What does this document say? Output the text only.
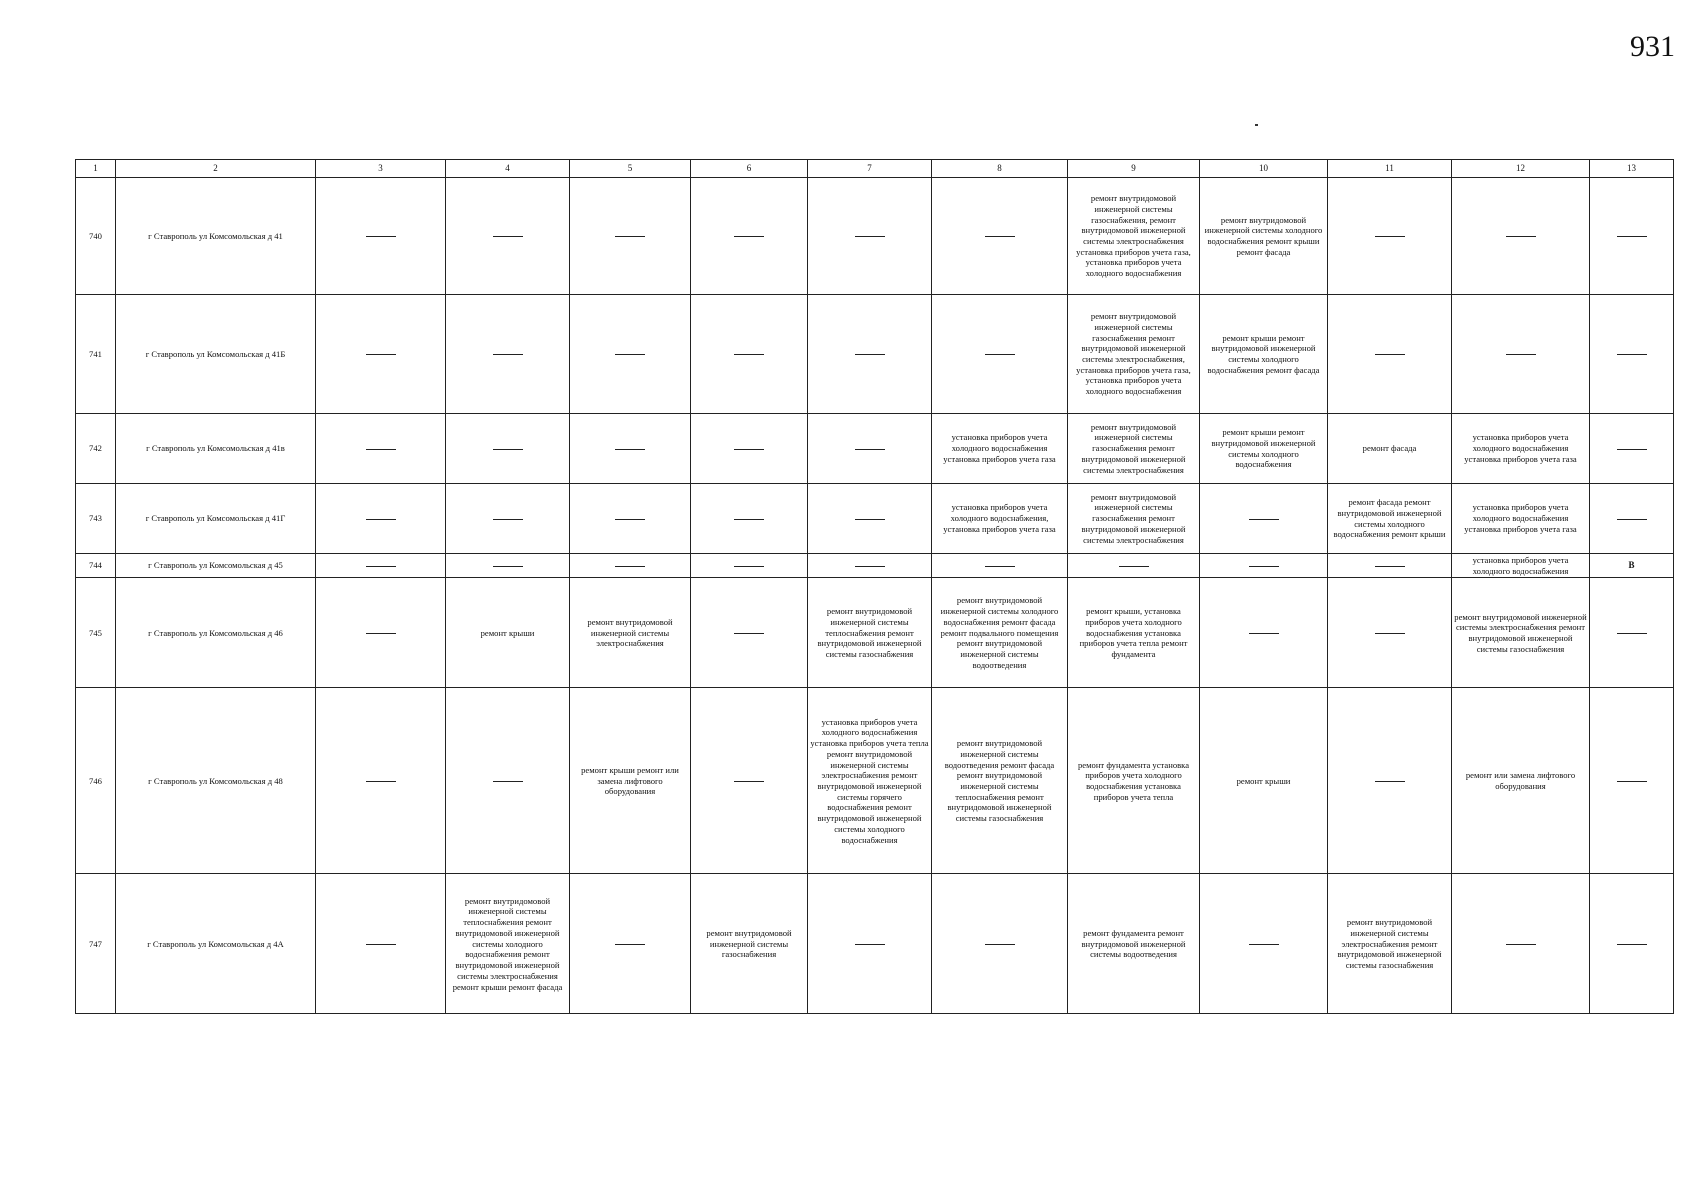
931
1	2	3	4	5	6	7	8	9	10	11	12	13
740	г Ставрополь ул Комсомольская д 41							ремонт внутридомовой инженерной системы газоснабжения, ремонт внутридомовой инженерной системы электроснабжения установка приборов учета газа, установка приборов учета холодного водоснабжения	ремонт внутридомовой инженерной системы холодного водоснабжения ремонт крыши ремонт фасада			

741	г Ставрополь ул Комсомольская д 41Б							ремонт внутридомовой инженерной системы газоснабжения ремонт внутридомовой инженерной системы электроснабжения, установка приборов учета газа, установка приборов учета холодного водоснабжения	ремонт крыши ремонт внутридомовой инженерной системы холодного водоснабжения ремонт фасада			

742	г Ставрополь ул Комсомольская д 41в						установка приборов учета холодного водоснабжения установка приборов учета газа	ремонт внутридомовой инженерной системы газоснабжения ремонт внутридомовой инженерной системы электроснабжения	ремонт крыши ремонт внутридомовой инженерной системы холодного водоснабжения	ремонт фасада	установка приборов учета холодного водоснабжения установка приборов учета газа	

743	г Ставрополь ул Комсомольская д 41Г						установка приборов учета холодного водоснабжения, установка приборов учета газа	ремонт внутридомовой инженерной системы газоснабжения ремонт внутридомовой инженерной системы электроснабжения		ремонт фасада ремонт внутридомовой инженерной системы холодного водоснабжения ремонт крыши	установка приборов учета холодного водоснабжения установка приборов учета газа	

744	г Ставрополь ул Комсомольская д 45										установка приборов учета холодного водоснабжения	В

745	г Ставрополь ул Комсомольская д 46		ремонт крыши	ремонт внутридомовой инженерной системы электроснабжения		ремонт внутридомовой инженерной системы теплоснабжения ремонт внутридомовой инженерной системы газоснабжения	ремонт внутридомовой инженерной системы холодного водоснабжения ремонт фасада ремонт подвального помещения ремонт внутридомовой инженерной системы водоотведения	ремонт крыши, установка приборов учета холодного водоснабжения установка приборов учета тепла ремонт фундамента			ремонт внутридомовой инженерной системы электроснабжения ремонт внутридомовой инженерной системы газоснабжения	

746	г Ставрополь ул Комсомольская д 48			ремонт крыши ремонт или замена лифтового оборудования		установка приборов учета холодного водоснабжения установка приборов учета тепла ремонт внутридомовой инженерной системы электроснабжения ремонт внутридомовой инженерной системы горячего водоснабжения ремонт внутридомовой инженерной системы холодного водоснабжения	ремонт внутридомовой инженерной системы водоотведения ремонт фасада ремонт внутридомовой инженерной системы теплоснабжения ремонт внутридомовой инженерной системы газоснабжения	ремонт фундамента установка приборов учета холодного водоснабжения установка приборов учета тепла	ремонт крыши		ремонт или замена лифтового оборудования	

747	г Ставрополь ул Комсомольская д 4А		ремонт внутридомовой инженерной системы теплоснабжения ремонт внутридомовой инженерной системы холодного водоснабжения ремонт внутридомовой инженерной системы электроснабжения ремонт крыши ремонт фасада		ремонт внутридомовой инженерной системы газоснабжения			ремонт фундамента ремонт внутридомовой инженерной системы водоотведения		ремонт внутридомовой инженерной системы электроснабжения ремонт внутридомовой инженерной системы газоснабжения		
